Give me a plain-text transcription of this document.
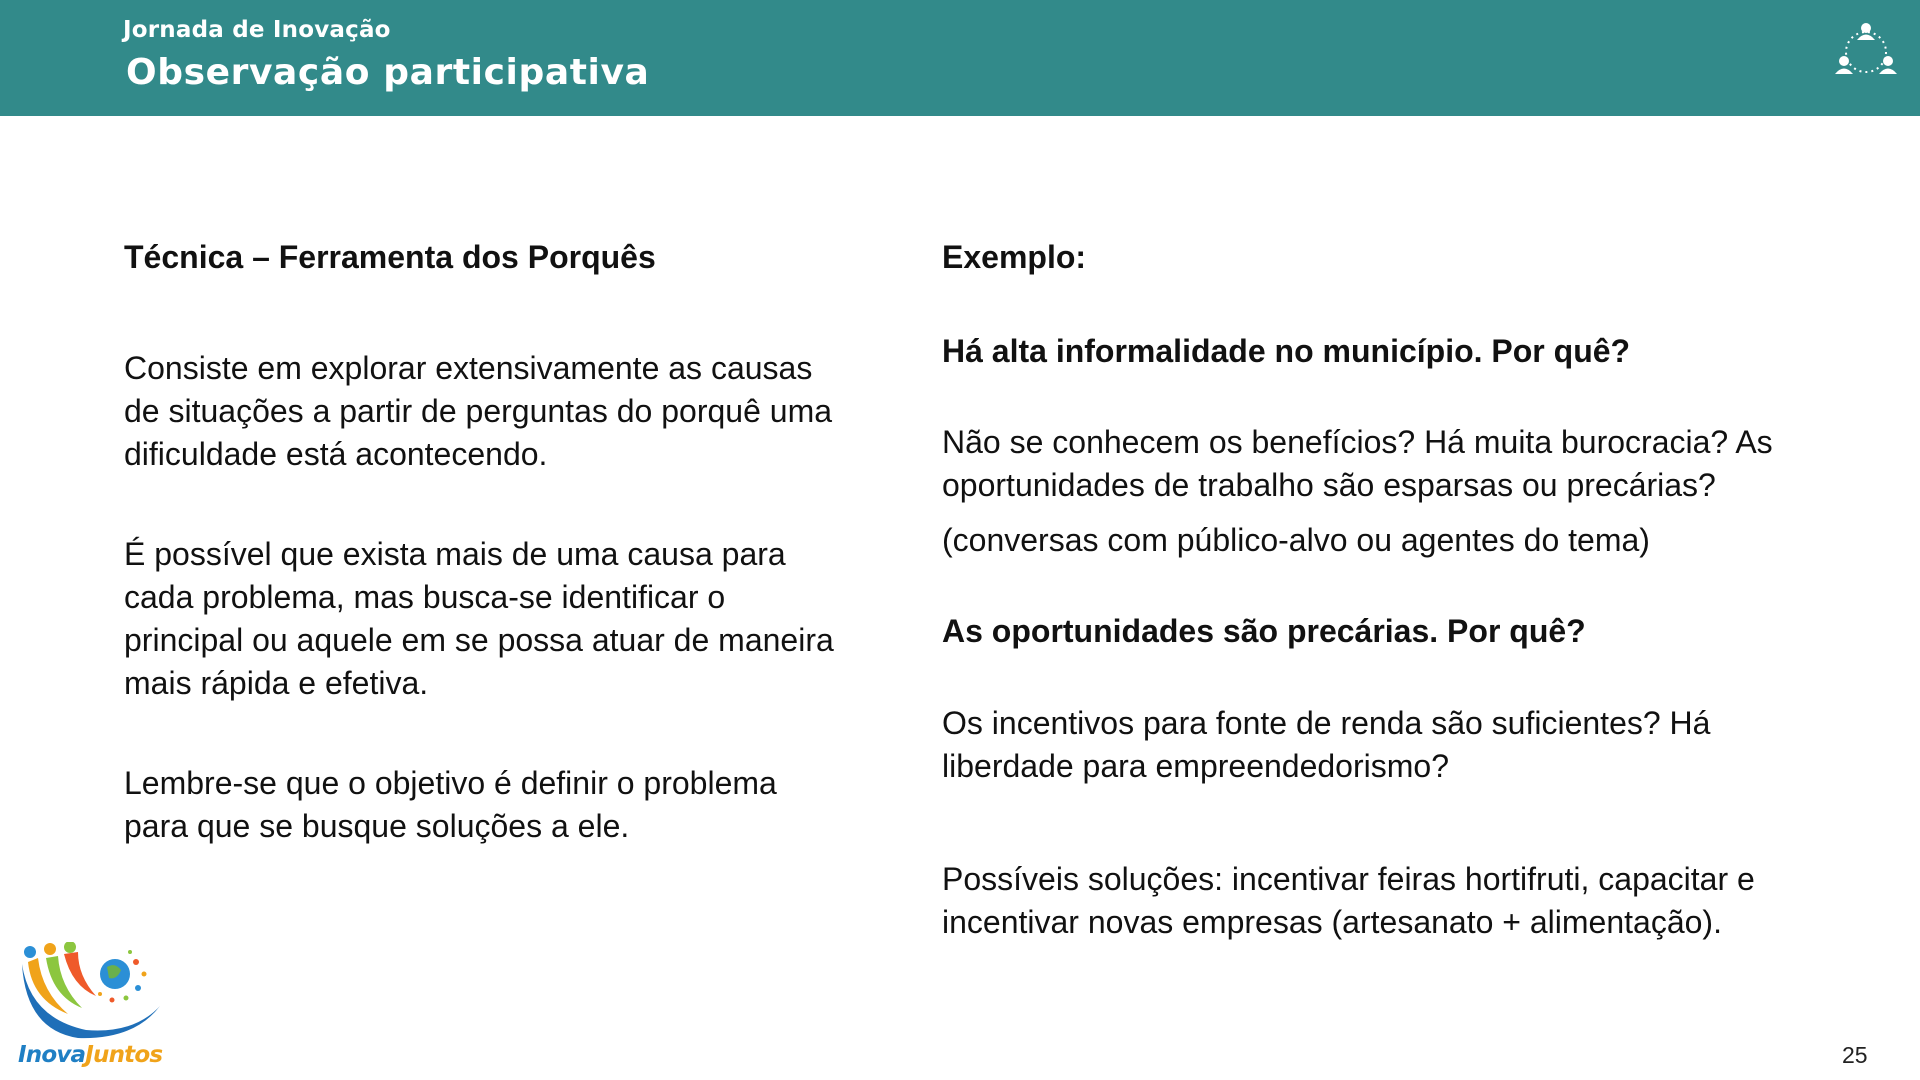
Jornada de Inovação
Observação participativa

Técnica – Ferramenta dos Porquês

Consiste em explorar extensivamente as causas de situações a partir de perguntas do porquê uma dificuldade está acontecendo.

É possível que exista mais de uma causa para cada problema, mas busca-se identificar o principal ou aquele em se possa atuar de maneira mais rápida e efetiva.

Lembre-se que o objetivo é definir o problema para que se busque soluções a ele.

Exemplo:

Há alta informalidade no município. Por quê?

Não se conhecem os benefícios? Há muita burocracia? As oportunidades de trabalho são esparsas ou precárias?

(conversas com público-alvo ou agentes do tema)

As oportunidades são precárias. Por quê?

Os incentivos para fonte de renda são suficientes? Há liberdade para empreendedorismo?

Possíveis soluções: incentivar feiras hortifruti, capacitar e incentivar novas empresas (artesanato + alimentação).

InovaJuntos	25
